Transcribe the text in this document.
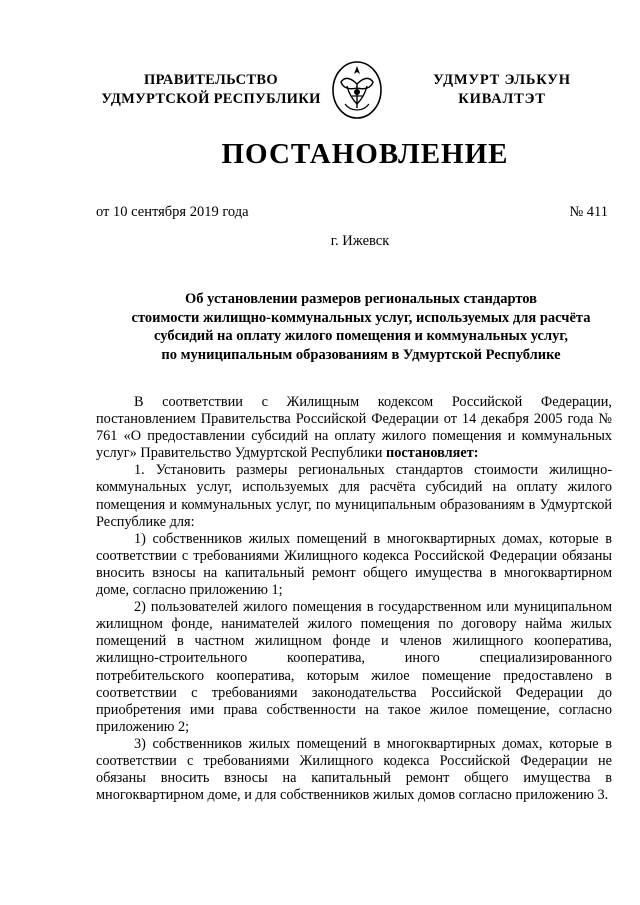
ПРАВИТЕЛЬСТВО
УДМУРТСКОЙ РЕСПУБЛИКИ
УДМУРТ ЭЛЬКУН
КИВАЛТЭТ
ПОСТАНОВЛЕНИЕ
от 10 сентября 2019 года	№ 411
г. Ижевск
Об установлении размеров региональных стандартов
стоимости жилищно-коммунальных услуг, используемых для расчёта
субсидий на оплату жилого помещения и коммунальных услуг,
по муниципальным образованиям в Удмуртской Республике

В соответствии с Жилищным кодексом Российской Федерации, постановлением Правительства Российской Федерации от 14 декабря 2005 года № 761 «О предоставлении субсидий на оплату жилого помещения и коммунальных услуг» Правительство Удмуртской Республики постановляет:

1. Установить размеры региональных стандартов стоимости жилищно-коммунальных услуг, используемых для расчёта субсидий на оплату жилого помещения и коммунальных услуг, по муниципальным образованиям в Удмуртской Республике для:

1) собственников жилых помещений в многоквартирных домах, которые в соответствии с требованиями Жилищного кодекса Российской Федерации обязаны вносить взносы на капитальный ремонт общего имущества в многоквартирном доме, согласно приложению 1;

2) пользователей жилого помещения в государственном или муниципальном жилищном фонде, нанимателей жилого помещения по договору найма жилых помещений в частном жилищном фонде и членов жилищного кооператива, жилищно-строительного кооператива, иного специализированного потребительского кооператива, которым жилое помещение предоставлено в соответствии с требованиями законодательства Российской Федерации до приобретения ими права собственности на такое жилое помещение, согласно приложению 2;

3) собственников жилых помещений в многоквартирных домах, которые в соответствии с требованиями Жилищного кодекса Российской Федерации не обязаны вносить взносы на капитальный ремонт общего имущества в многоквартирном доме, и для собственников жилых домов согласно приложению 3.
